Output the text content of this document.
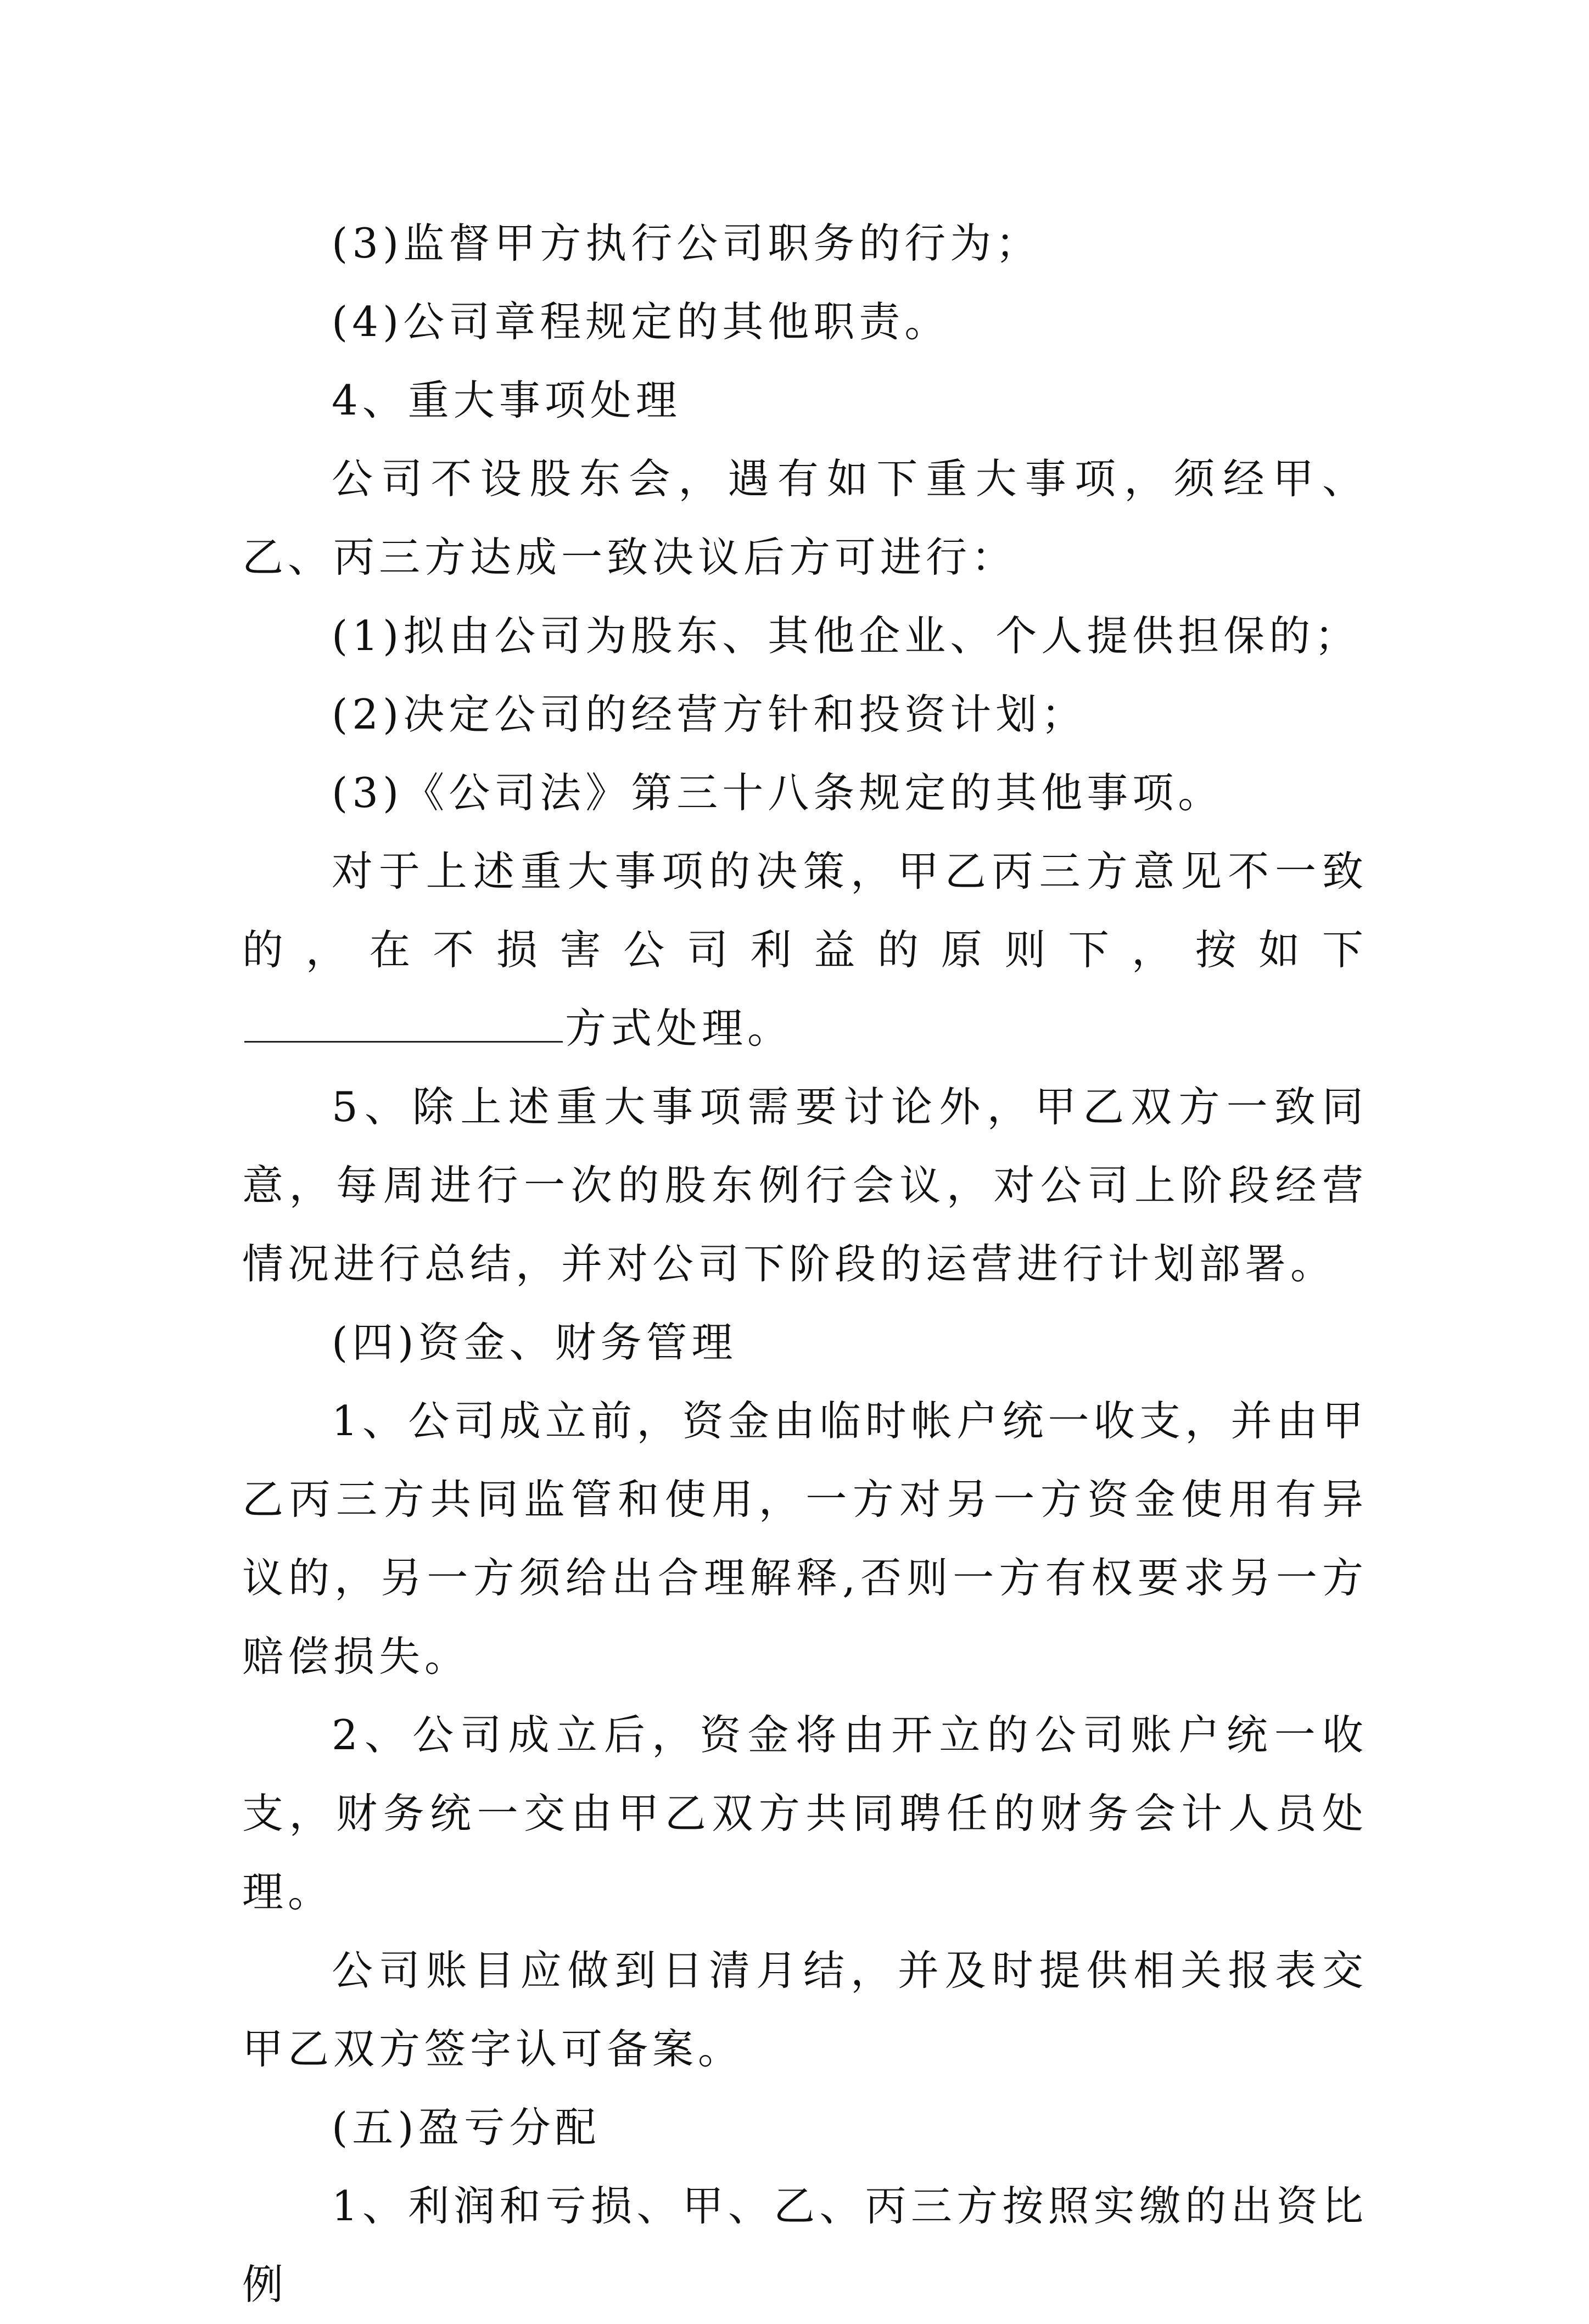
(3)监督甲方执行公司职务的行为；

(4)公司章程规定的其他职责。

4、重大事项处理

公司不设股东会，遇有如下重大事项，须经甲、乙、丙三方达成一致决议后方可进行：

(1)拟由公司为股东、其他企业、个人提供担保的；

(2)决定公司的经营方针和投资计划；

(3)《公司法》第三十八条规定的其他事项。

对于上述重大事项的决策，甲乙丙三方意见不一致的，在不损害公司利益的原则下，按如下方式处理。

5、除上述重大事项需要讨论外，甲乙双方一致同意，每周进行一次的股东例行会议，对公司上阶段经营情况进行总结，并对公司下阶段的运营进行计划部署。

(四)资金、财务管理

1、公司成立前，资金由临时帐户统一收支，并由甲乙丙三方共同监管和使用，一方对另一方资金使用有异议的，另一方须给出合理解释,否则一方有权要求另一方赔偿损失。

2、公司成立后，资金将由开立的公司账户统一收支，财务统一交由甲乙双方共同聘任的财务会计人员处理。

公司账目应做到日清月结，并及时提供相关报表交甲乙双方签字认可备案。

(五)盈亏分配

1、利润和亏损、甲、乙、丙三方按照实缴的出资比例
